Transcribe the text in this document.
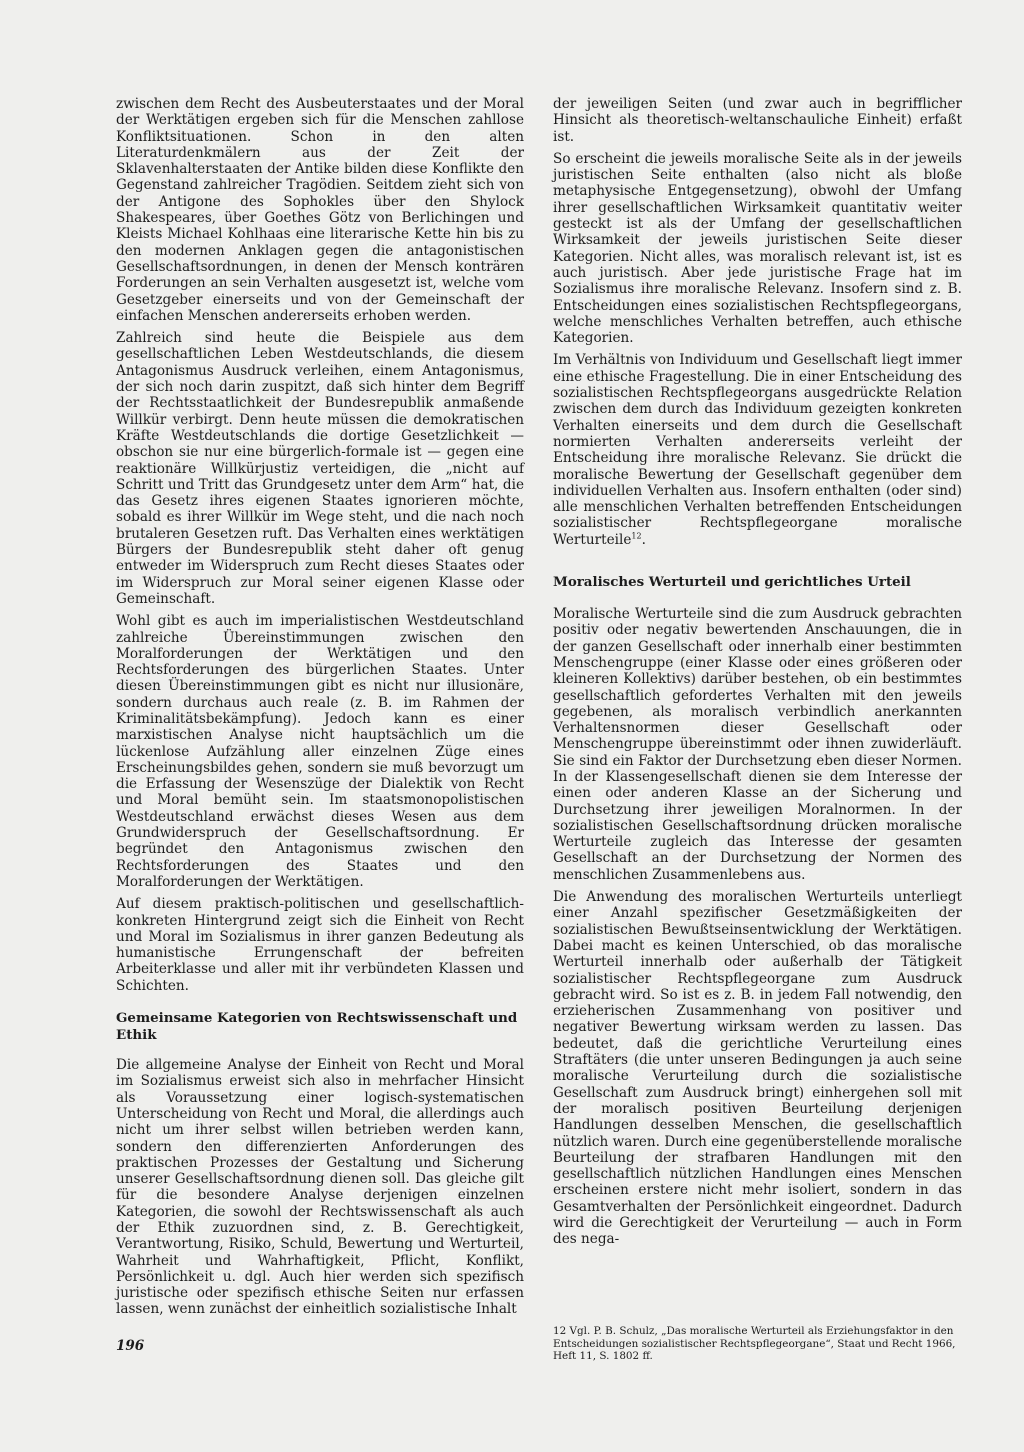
zwischen dem Recht des Ausbeuterstaates und der Moral der Werktätigen ergeben sich für die Menschen zahllose Konfliktsituationen. Schon in den alten Literaturdenkmälern aus der Zeit der Sklavenhalterstaaten der Antike bilden diese Konflikte den Gegenstand zahlreicher Tragödien. Seitdem zieht sich von der Antigone des Sophokles über den Shylock Shakespeares, über Goethes Götz von Berlichingen und Kleists Michael Kohlhaas eine literarische Kette hin bis zu den modernen Anklagen gegen die antagonistischen Gesellschaftsordnungen, in denen der Mensch konträren Forderungen an sein Verhalten ausgesetzt ist, welche vom Gesetzgeber einerseits und von der Gemeinschaft der einfachen Menschen andererseits erhoben werden.

Zahlreich sind heute die Beispiele aus dem gesellschaftlichen Leben Westdeutschlands, die diesem Antagonismus Ausdruck verleihen, einem Antagonismus, der sich noch darin zuspitzt, daß sich hinter dem Begriff der Rechtsstaatlichkeit der Bundesrepublik anmaßende Willkür verbirgt. Denn heute müssen die demokratischen Kräfte Westdeutschlands die dortige Gesetzlichkeit — obschon sie nur eine bürgerlich-formale ist — gegen eine reaktionäre Willkürjustiz verteidigen, die „nicht auf Schritt und Tritt das Grundgesetz unter dem Arm“ hat, die das Gesetz ihres eigenen Staates ignorieren möchte, sobald es ihrer Willkür im Wege steht, und die nach noch brutaleren Gesetzen ruft. Das Verhalten eines werktätigen Bürgers der Bundesrepublik steht daher oft genug entweder im Widerspruch zum Recht dieses Staates oder im Widerspruch zur Moral seiner eigenen Klasse oder Gemeinschaft.

Wohl gibt es auch im imperialistischen Westdeutschland zahlreiche Übereinstimmungen zwischen den Moralforderungen der Werktätigen und den Rechtsforderungen des bürgerlichen Staates. Unter diesen Übereinstimmungen gibt es nicht nur illusionäre, sondern durchaus auch reale (z. B. im Rahmen der Kriminalitätsbekämpfung). Jedoch kann es einer marxistischen Analyse nicht hauptsächlich um die lückenlose Aufzählung aller einzelnen Züge eines Erscheinungsbildes gehen, sondern sie muß bevorzugt um die Erfassung der Wesenszüge der Dialektik von Recht und Moral bemüht sein. Im staatsmonopolistischen Westdeutschland erwächst dieses Wesen aus dem Grundwiderspruch der Gesellschaftsordnung. Er begründet den Antagonismus zwischen den Rechtsforderungen des Staates und den Moralforderungen der Werktätigen.

Auf diesem praktisch-politischen und gesellschaftlich-konkreten Hintergrund zeigt sich die Einheit von Recht und Moral im Sozialismus in ihrer ganzen Bedeutung als humanistische Errungenschaft der befreiten Arbeiterklasse und aller mit ihr verbündeten Klassen und Schichten.

Gemeinsame Kategorien von Rechtswissenschaft und Ethik

Die allgemeine Analyse der Einheit von Recht und Moral im Sozialismus erweist sich also in mehrfacher Hinsicht als Voraussetzung einer logisch-systematischen Unterscheidung von Recht und Moral, die allerdings auch nicht um ihrer selbst willen betrieben werden kann, sondern den differenzierten Anforderungen des praktischen Prozesses der Gestaltung und Sicherung unserer Gesellschaftsordnung dienen soll. Das gleiche gilt für die besondere Analyse derjenigen einzelnen Kategorien, die sowohl der Rechtswissenschaft als auch der Ethik zuzuordnen sind, z. B. Gerechtigkeit, Verantwortung, Risiko, Schuld, Bewertung und Werturteil, Wahrheit und Wahrhaftigkeit, Pflicht, Konflikt, Persönlichkeit u. dgl. Auch hier werden sich spezifisch juristische oder spezifisch ethische Seiten nur erfassen lassen, wenn zunächst der einheitlich sozialistische Inhalt

der jeweiligen Seiten (und zwar auch in begrifflicher Hinsicht als theoretisch-weltanschauliche Einheit) erfaßt ist.

So erscheint die jeweils moralische Seite als in der jeweils juristischen Seite enthalten (also nicht als bloße metaphysische Entgegensetzung), obwohl der Umfang ihrer gesellschaftlichen Wirksamkeit quantitativ weiter gesteckt ist als der Umfang der gesellschaftlichen Wirksamkeit der jeweils juristischen Seite dieser Kategorien. Nicht alles, was moralisch relevant ist, ist es auch juristisch. Aber jede juristische Frage hat im Sozialismus ihre moralische Relevanz. Insofern sind z. B. Entscheidungen eines sozialistischen Rechtspflegeorgans, welche menschliches Verhalten betreffen, auch ethische Kategorien.

Im Verhältnis von Individuum und Gesellschaft liegt immer eine ethische Fragestellung. Die in einer Entscheidung des sozialistischen Rechtspflegeorgans ausgedrückte Relation zwischen dem durch das Individuum gezeigten konkreten Verhalten einerseits und dem durch die Gesellschaft normierten Verhalten andererseits verleiht der Entscheidung ihre moralische Relevanz. Sie drückt die moralische Bewertung der Gesellschaft gegenüber dem individuellen Verhalten aus. Insofern enthalten (oder sind) alle menschlichen Verhalten betreffenden Entscheidungen sozialistischer Rechtspflegeorgane moralische Werturteile$^{12}$.

Moralisches Werturteil und gerichtliches Urteil

Moralische Werturteile sind die zum Ausdruck gebrachten positiv oder negativ bewertenden Anschauungen, die in der ganzen Gesellschaft oder innerhalb einer bestimmten Menschengruppe (einer Klasse oder eines größeren oder kleineren Kollektivs) darüber bestehen, ob ein bestimmtes gesellschaftlich gefordertes Verhalten mit den jeweils gegebenen, als moralisch verbindlich anerkannten Verhaltensnormen dieser Gesellschaft oder Menschengruppe übereinstimmt oder ihnen zuwiderläuft. Sie sind ein Faktor der Durchsetzung eben dieser Normen. In der Klassengesellschaft dienen sie dem Interesse der einen oder anderen Klasse an der Sicherung und Durchsetzung ihrer jeweiligen Moralnormen. In der sozialistischen Gesellschaftsordnung drücken moralische Werturteile zugleich das Interesse der gesamten Gesellschaft an der Durchsetzung der Normen des menschlichen Zusammenlebens aus.

Die Anwendung des moralischen Werturteils unterliegt einer Anzahl spezifischer Gesetzmäßigkeiten der sozialistischen Bewußtseinsentwicklung der Werktätigen. Dabei macht es keinen Unterschied, ob das moralische Werturteil innerhalb oder außerhalb der Tätigkeit sozialistischer Rechtspflegeorgane zum Ausdruck gebracht wird. So ist es z. B. in jedem Fall notwendig, den erzieherischen Zusammenhang von positiver und negativer Bewertung wirksam werden zu lassen. Das bedeutet, daß die gerichtliche Verurteilung eines Straftäters (die unter unseren Bedingungen ja auch seine moralische Verurteilung durch die sozialistische Gesellschaft zum Ausdruck bringt) einhergehen soll mit der moralisch positiven Beurteilung derjenigen Handlungen desselben Menschen, die gesellschaftlich nützlich waren. Durch eine gegenüberstellende moralische Beurteilung der strafbaren Handlungen mit den gesellschaftlich nützlichen Handlungen eines Menschen erscheinen erstere nicht mehr isoliert, sondern in das Gesamtverhalten der Persönlichkeit eingeordnet. Dadurch wird die Gerechtigkeit der Verurteilung — auch in Form des nega-

12 Vgl. P. B. Schulz, „Das moralische Werturteil als Erziehungsfaktor in den Entscheidungen sozialistischer Rechtspflegeorgane“, Staat und Recht 1966, Heft 11, S. 1802 ff.

196
